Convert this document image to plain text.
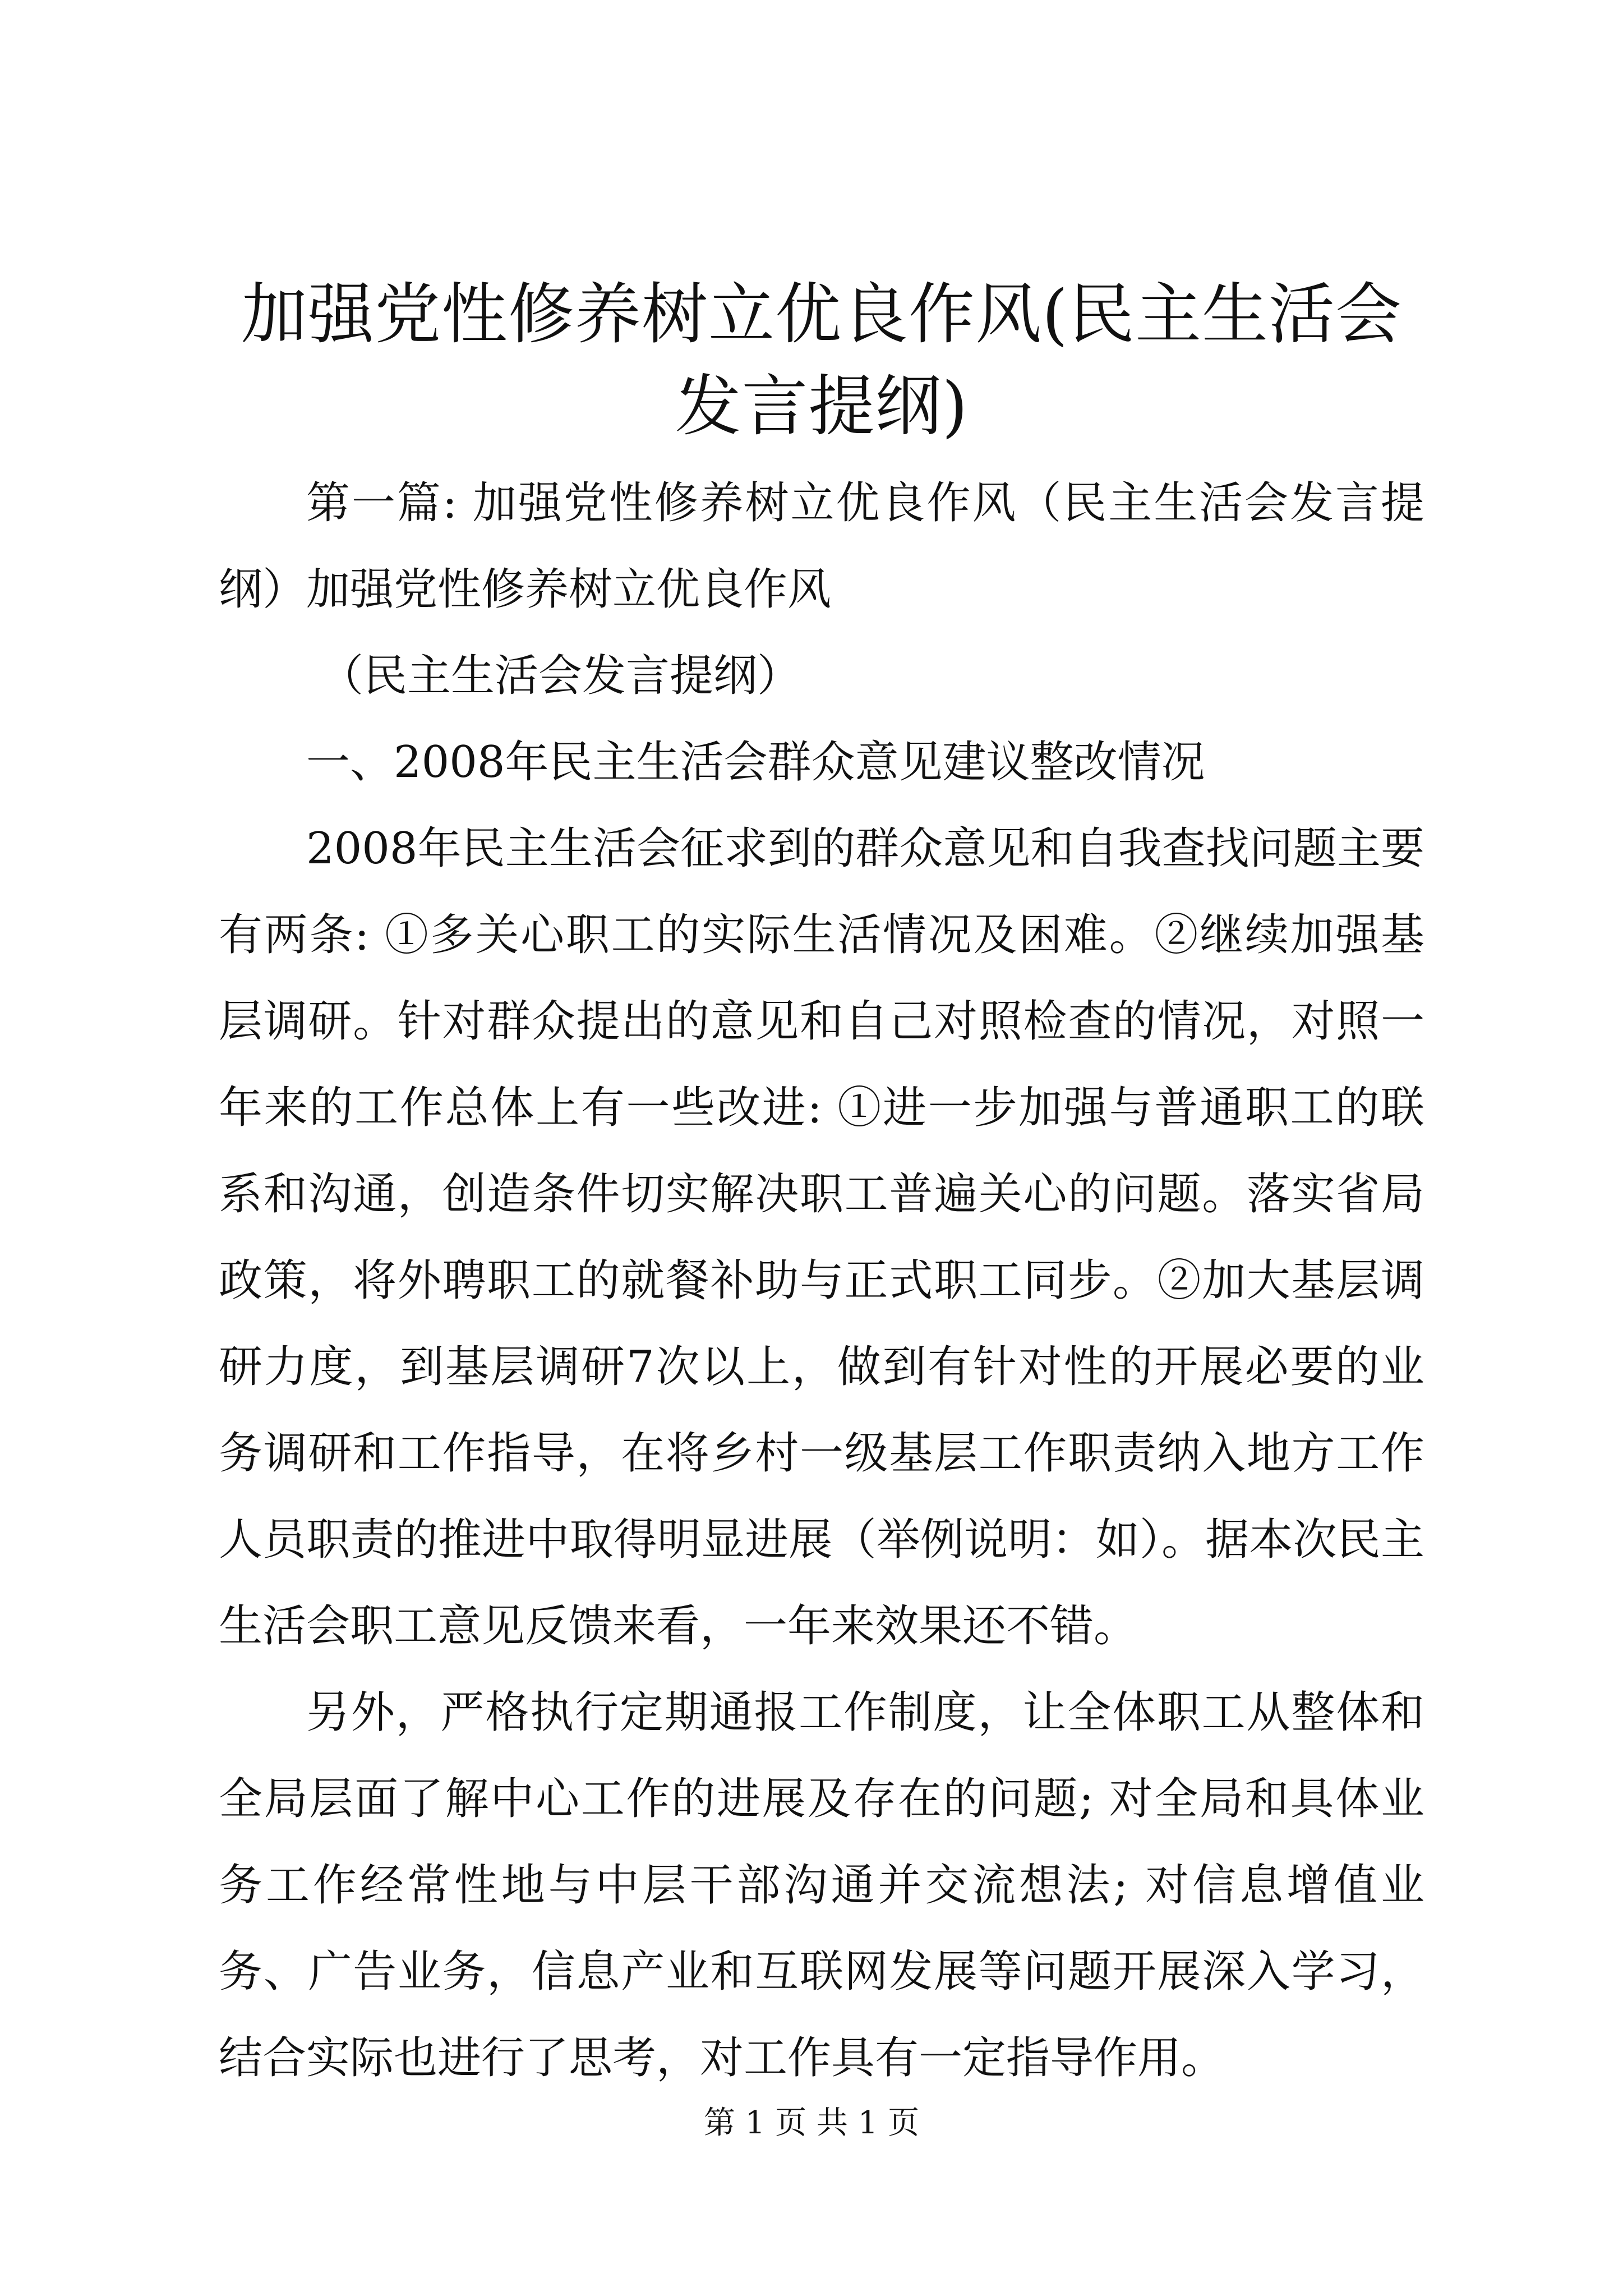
加强党性修养树立优良作风(民主生活会发言提纲)

第一篇: 加强党性修养树立优良作风（民主生活会发言提纲）加强党性修养树立优良作风

（民主生活会发言提纲）

一、2008年民主生活会群众意见建议整改情况

2008年民主生活会征求到的群众意见和自我查找问题主要有两条: ①多关心职工的实际生活情况及困难。②继续加强基层调研。针对群众提出的意见和自己对照检查的情况，对照一年来的工作总体上有一些改进: ①进一步加强与普通职工的联系和沟通，创造条件切实解决职工普遍关心的问题。落实省局政策，将外聘职工的就餐补助与正式职工同步。②加大基层调研力度，到基层调研7次以上，做到有针对性的开展必要的业务调研和工作指导，在将乡村一级基层工作职责纳入地方工作人员职责的推进中取得明显进展（举例说明：如）。据本次民主生活会职工意见反馈来看，一年来效果还不错。

另外，严格执行定期通报工作制度，让全体职工从整体和全局层面了解中心工作的进展及存在的问题; 对全局和具体业务工作经常性地与中层干部沟通并交流想法; 对信息增值业务、广告业务，信息产业和互联网发展等问题开展深入学习，结合实际也进行了思考，对工作具有一定指导作用。

第 1 页 共 1 页
